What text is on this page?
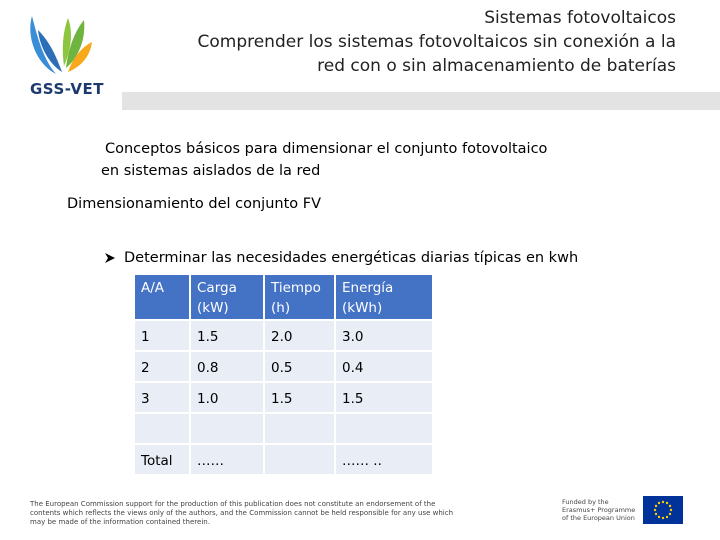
GSS-VET
Sistemas fotovoltaicos
Comprender los sistemas fotovoltaicos sin conexión a la
red con o sin almacenamiento de baterías
Conceptos básicos para dimensionar el conjunto fotovoltaico
en sistemas aislados de la red
Dimensionamiento del conjunto FV
Determinar las necesidades energéticas diarias típicas en kwh
A/A	Carga (kW)	Tiempo (h)	Energía (kWh)
1	1.5	2.0	3.0
2	0.8	0.5	0.4
3	1.0	1.5	1.5

Total	……		…… ..
The European Commission support for the production of this publication does not constitute an endorsement of the contents which reflects the views only of the authors, and the Commission cannot be held responsible for any use which may be made of the information contained therein.
Funded by the Erasmus+ Programme of the European Union
